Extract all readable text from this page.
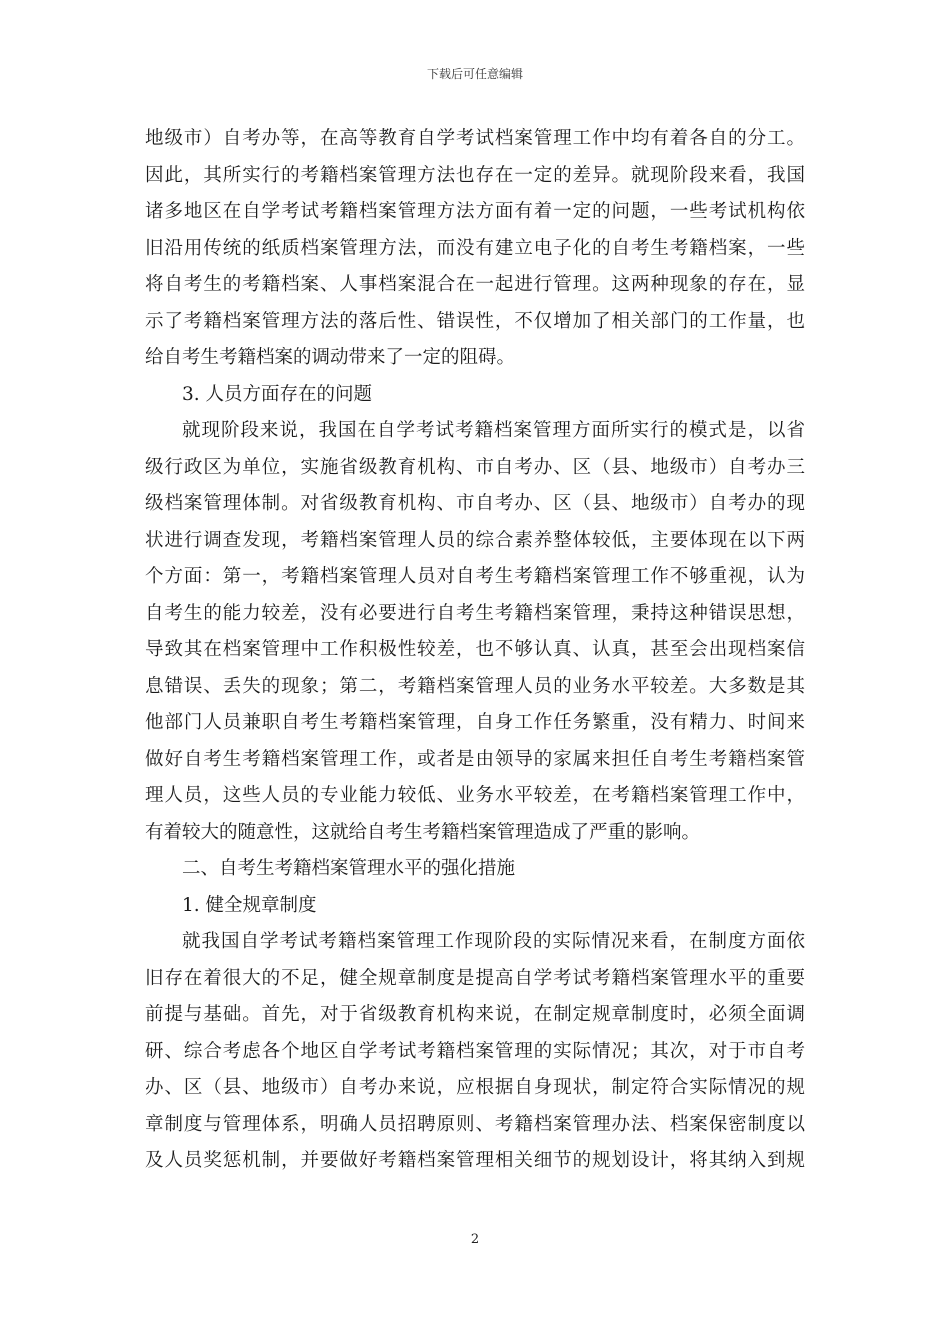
下载后可任意编辑
地级市）自考办等，在高等教育自学考试档案管理工作中均有着各自的分工。
因此，其所实行的考籍档案管理方法也存在一定的差异。就现阶段来看，我国
诸多地区在自学考试考籍档案管理方法方面有着一定的问题，一些考试机构依
旧沿用传统的纸质档案管理方法，而没有建立电子化的自考生考籍档案，一些
将自考生的考籍档案、人事档案混合在一起进行管理。这两种现象的存在，显
示了考籍档案管理方法的落后性、错误性，不仅增加了相关部门的工作量，也
给自考生考籍档案的调动带来了一定的阻碍。
3. 人员方面存在的问题
就现阶段来说，我国在自学考试考籍档案管理方面所实行的模式是，以省
级行政区为单位，实施省级教育机构、市自考办、区（县、地级市）自考办三
级档案管理体制。对省级教育机构、市自考办、区（县、地级市）自考办的现
状进行调查发现，考籍档案管理人员的综合素养整体较低，主要体现在以下两
个方面：第一，考籍档案管理人员对自考生考籍档案管理工作不够重视，认为
自考生的能力较差，没有必要进行自考生考籍档案管理，秉持这种错误思想，
导致其在档案管理中工作积极性较差，也不够认真、认真，甚至会出现档案信
息错误、丢失的现象；第二，考籍档案管理人员的业务水平较差。大多数是其
他部门人员兼职自考生考籍档案管理，自身工作任务繁重，没有精力、时间来
做好自考生考籍档案管理工作，或者是由领导的家属来担任自考生考籍档案管
理人员，这些人员的专业能力较低、业务水平较差，在考籍档案管理工作中，
有着较大的随意性，这就给自考生考籍档案管理造成了严重的影响。
二、自考生考籍档案管理水平的强化措施
1. 健全规章制度
就我国自学考试考籍档案管理工作现阶段的实际情况来看，在制度方面依
旧存在着很大的不足，健全规章制度是提高自学考试考籍档案管理水平的重要
前提与基础。首先，对于省级教育机构来说，在制定规章制度时，必须全面调
研、综合考虑各个地区自学考试考籍档案管理的实际情况；其次，对于市自考
办、区（县、地级市）自考办来说，应根据自身现状，制定符合实际情况的规
章制度与管理体系，明确人员招聘原则、考籍档案管理办法、档案保密制度以
及人员奖惩机制，并要做好考籍档案管理相关细节的规划设计，将其纳入到规
2
